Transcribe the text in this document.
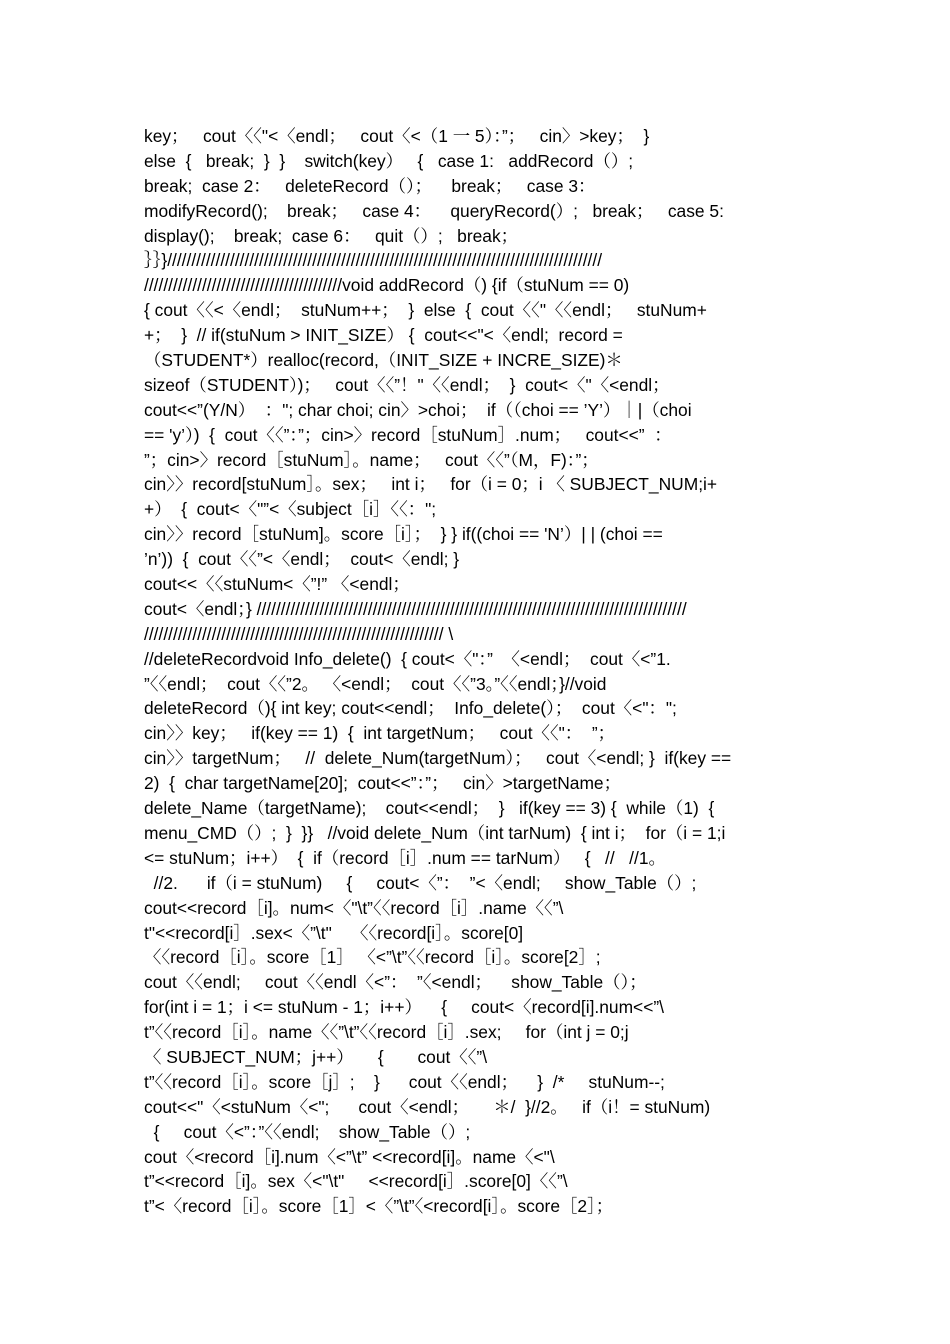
key；   cout〈〈"<〈endl；   cout〈<（1 一 5）：”；   cin〉>key；  }
else  {   break;  }  }    switch(key）   {   case 1:   addRecord（）;
break;  case 2：   deleteRecord（）；    break；   case 3：
modifyRecord();    break；   case 4：    queryRecord(）;   break；   case 5:
display();    break;  case 6：   quit（）;   break；
｝｝}//////////////////////////////////////////////////////////////////////////////////////////
/////////////////////////////////////////void addRecord（) {if（stuNum == 0)
{ cout〈〈<〈endl；  stuNum++；  }  else  {  cout〈〈"〈〈endl；   stuNum+
+；  }  // if(stuNum > INIT_SIZE） {  cout<<"<〈endl;  record =
（STUDENT*）realloc(record,（INIT_SIZE + INCRE_SIZE)＊
sizeof（STUDENT）)；   cout〈〈”！"〈〈endl；  }  cout<〈"〈<endl；
cout<<”(Y/N）  ："; char choi; cin〉>choi；  if（（choi == ’Y’）｜|（choi
== 'y’）)  {  cout〈〈”：”；cin>〉record［stuNum］.num；   cout<<”  ：
”；cin>〉record［stuNum］。name；   cout〈〈”（M，F)：”；
cin〉〉record[stuNum］。sex；   int i；   for（i = 0；i 〈 SUBJECT_NUM;i+
+）  {  cout<〈"”<〈subject［i］〈〈：";
cin〉〉record［stuNum]。score［i］；  } } if((choi == 'N’）| | (choi ==
’n’))  {  cout〈〈”<〈endl；  cout<〈endl; }
cout<<〈〈stuNum<〈”!” 〈<endl；
cout<〈endl；} /////////////////////////////////////////////////////////////////////////////////////////
////////////////////////////////////////////////////////////// \
//deleteRecordvoid Info_delete()  { cout<〈"：”  〈<endl；  cout〈<”1.
”〈〈endl；  cout〈〈”2。 〈<endl；  cout〈〈”3。”〈〈endl；}//void
deleteRecord（){ int key; cout<<endl；  Info_delete(）；  cout〈<"：";
cin〉〉key；   if(key == 1)  {  int targetNum；   cout〈〈"：  ”；
cin〉〉targetNum；   //  delete_Num(targetNum）；   cout〈<endl; }  if(key ==
2)  {  char targetName[20];  cout<<”：”；   cin〉>targetName；
delete_Name（targetName);    cout<<endl；  }   if(key == 3) {  while（1)  {
menu_CMD（）;  }  }}   //void delete_Num（int tarNum)  { int i；  for（i = 1;i
<= stuNum；i++）  {  if（record［i］.num == tarNum）   {   //   //1。
//2.      if（i = stuNum)     {     cout<〈”：  ”<〈endl;     show_Table（）;
cout<<record［i]。num<〈"\t”〈〈record［i］.name〈〈”\
t"<<record[i］.sex<〈”\t"    〈〈record[i］。score[0]
〈〈record［i］。score［1］ 〈<”\t”〈〈record［i］。score[2］;
cout〈〈endl;     cout〈〈endl〈<”：  ”〈<endl；    show_Table（）；
for(int i = 1；i <= stuNum - 1；i++）    {     cout<〈record[i].num<<”\
t”〈〈record［i］。name〈〈”\t”〈〈record［i］.sex;     for（int j = 0;j
〈 SUBJECT_NUM；j++）     {       cout〈〈”\
t”〈〈record［i］。score［j］;    }      cout〈〈endl；    }  /*     stuNum--;
cout<<"〈<stuNum〈<";      cout〈<endl；     ＊/  }//2。   if（i！= stuNum)
{     cout〈<”：”〈〈endl;    show_Table（）;
cout〈<record［i].num〈<”\t” <<record[i]。name〈<"\
t”<<record［i]。sex〈<"\t"     <<record[i］.score[0]〈〈”\
t”<〈record［i］。score［1］<〈”\t”〈<record[i］。score［2］；
